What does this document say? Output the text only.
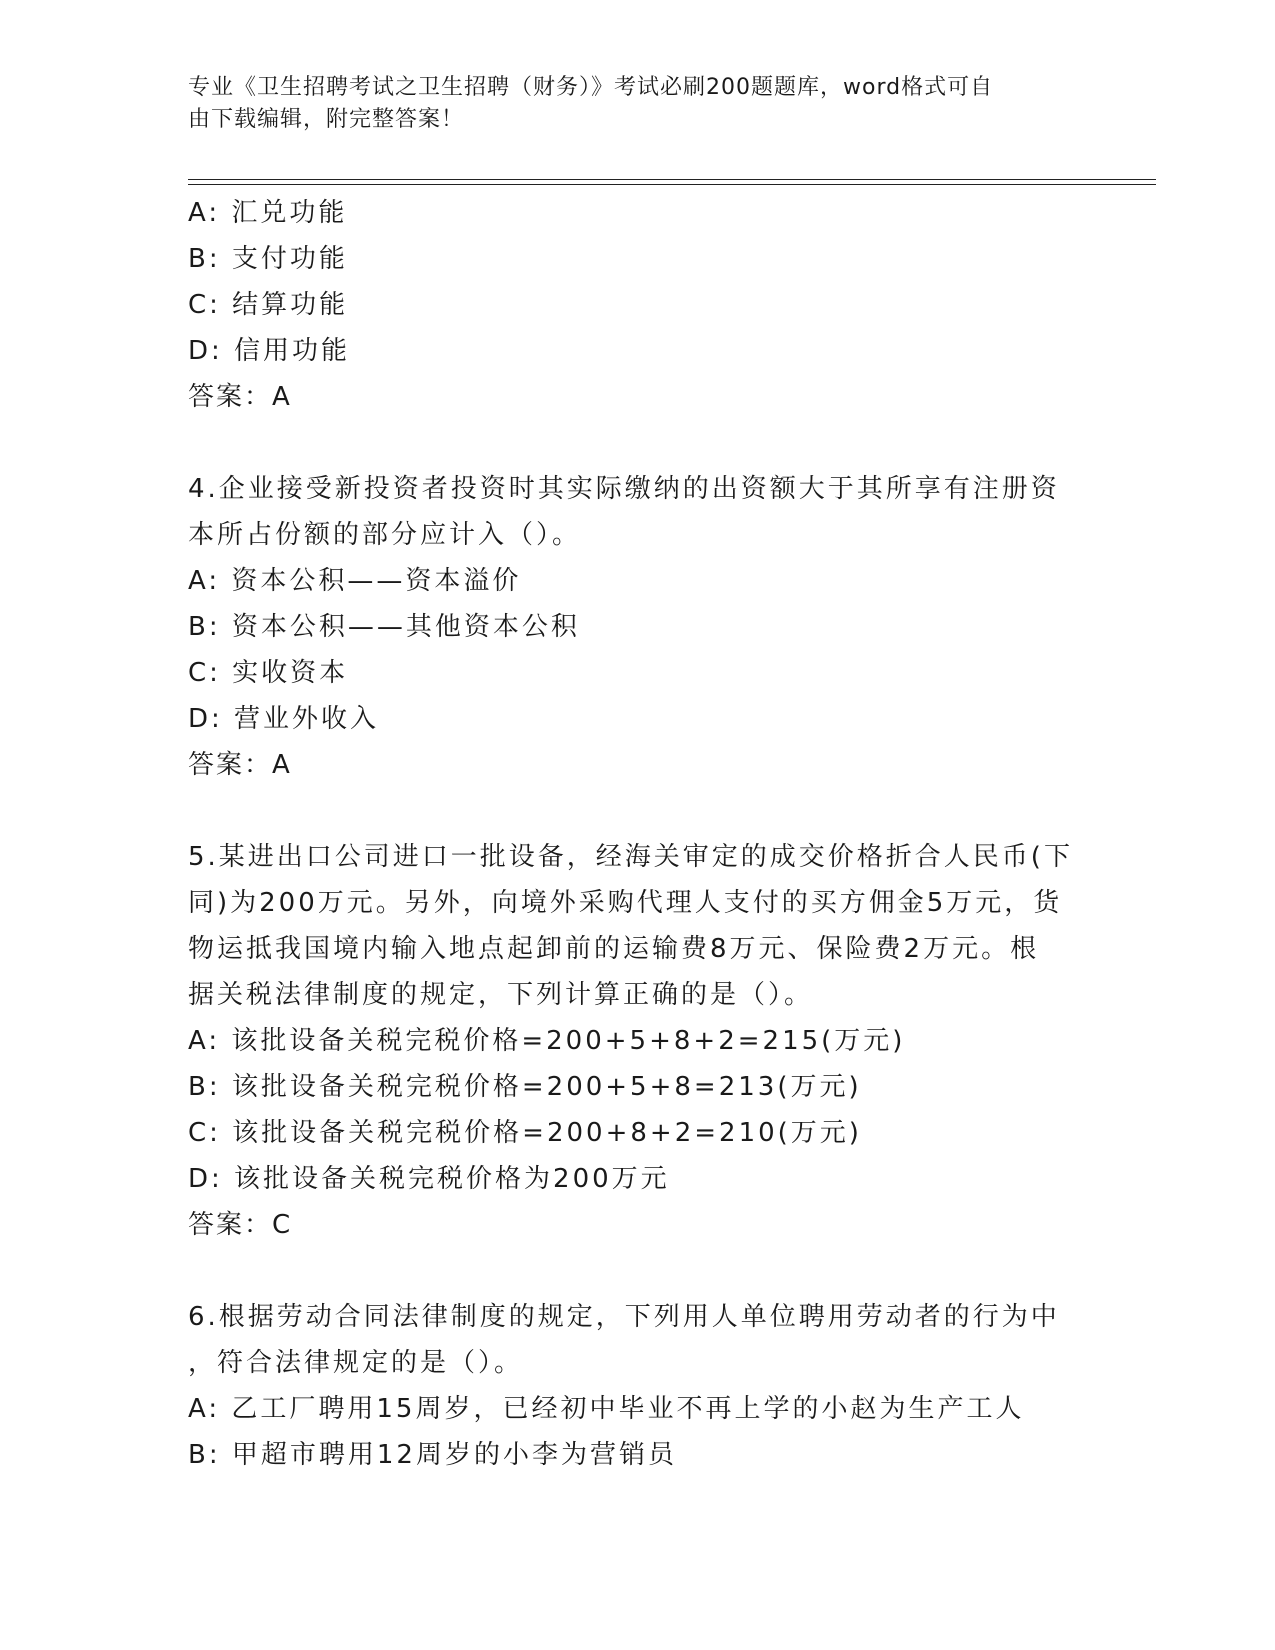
专业《卫生招聘考试之卫生招聘（财务）》考试必刷200题题库，word格式可自
由下载编辑，附完整答案！
A: 汇兑功能
B: 支付功能
C: 结算功能
D: 信用功能
答案：A
4.企业接受新投资者投资时其实际缴纳的出资额大于其所享有注册资
本所占份额的部分应计入（）。
A: 资本公积——资本溢价
B: 资本公积——其他资本公积
C: 实收资本
D: 营业外收入
答案：A
5.某进出口公司进口一批设备，经海关审定的成交价格折合人民币(下
同)为200万元。另外，向境外采购代理人支付的买方佣金5万元，货
物运抵我国境内输入地点起卸前的运输费8万元、保险费2万元。根
据关税法律制度的规定，下列计算正确的是（）。
A: 该批设备关税完税价格=200+5+8+2=215(万元)
B: 该批设备关税完税价格=200+5+8=213(万元)
C: 该批设备关税完税价格=200+8+2=210(万元)
D: 该批设备关税完税价格为200万元
答案：C
6.根据劳动合同法律制度的规定，下列用人单位聘用劳动者的行为中
，符合法律规定的是（）。
A: 乙工厂聘用15周岁，已经初中毕业不再上学的小赵为生产工人
B: 甲超市聘用12周岁的小李为营销员
